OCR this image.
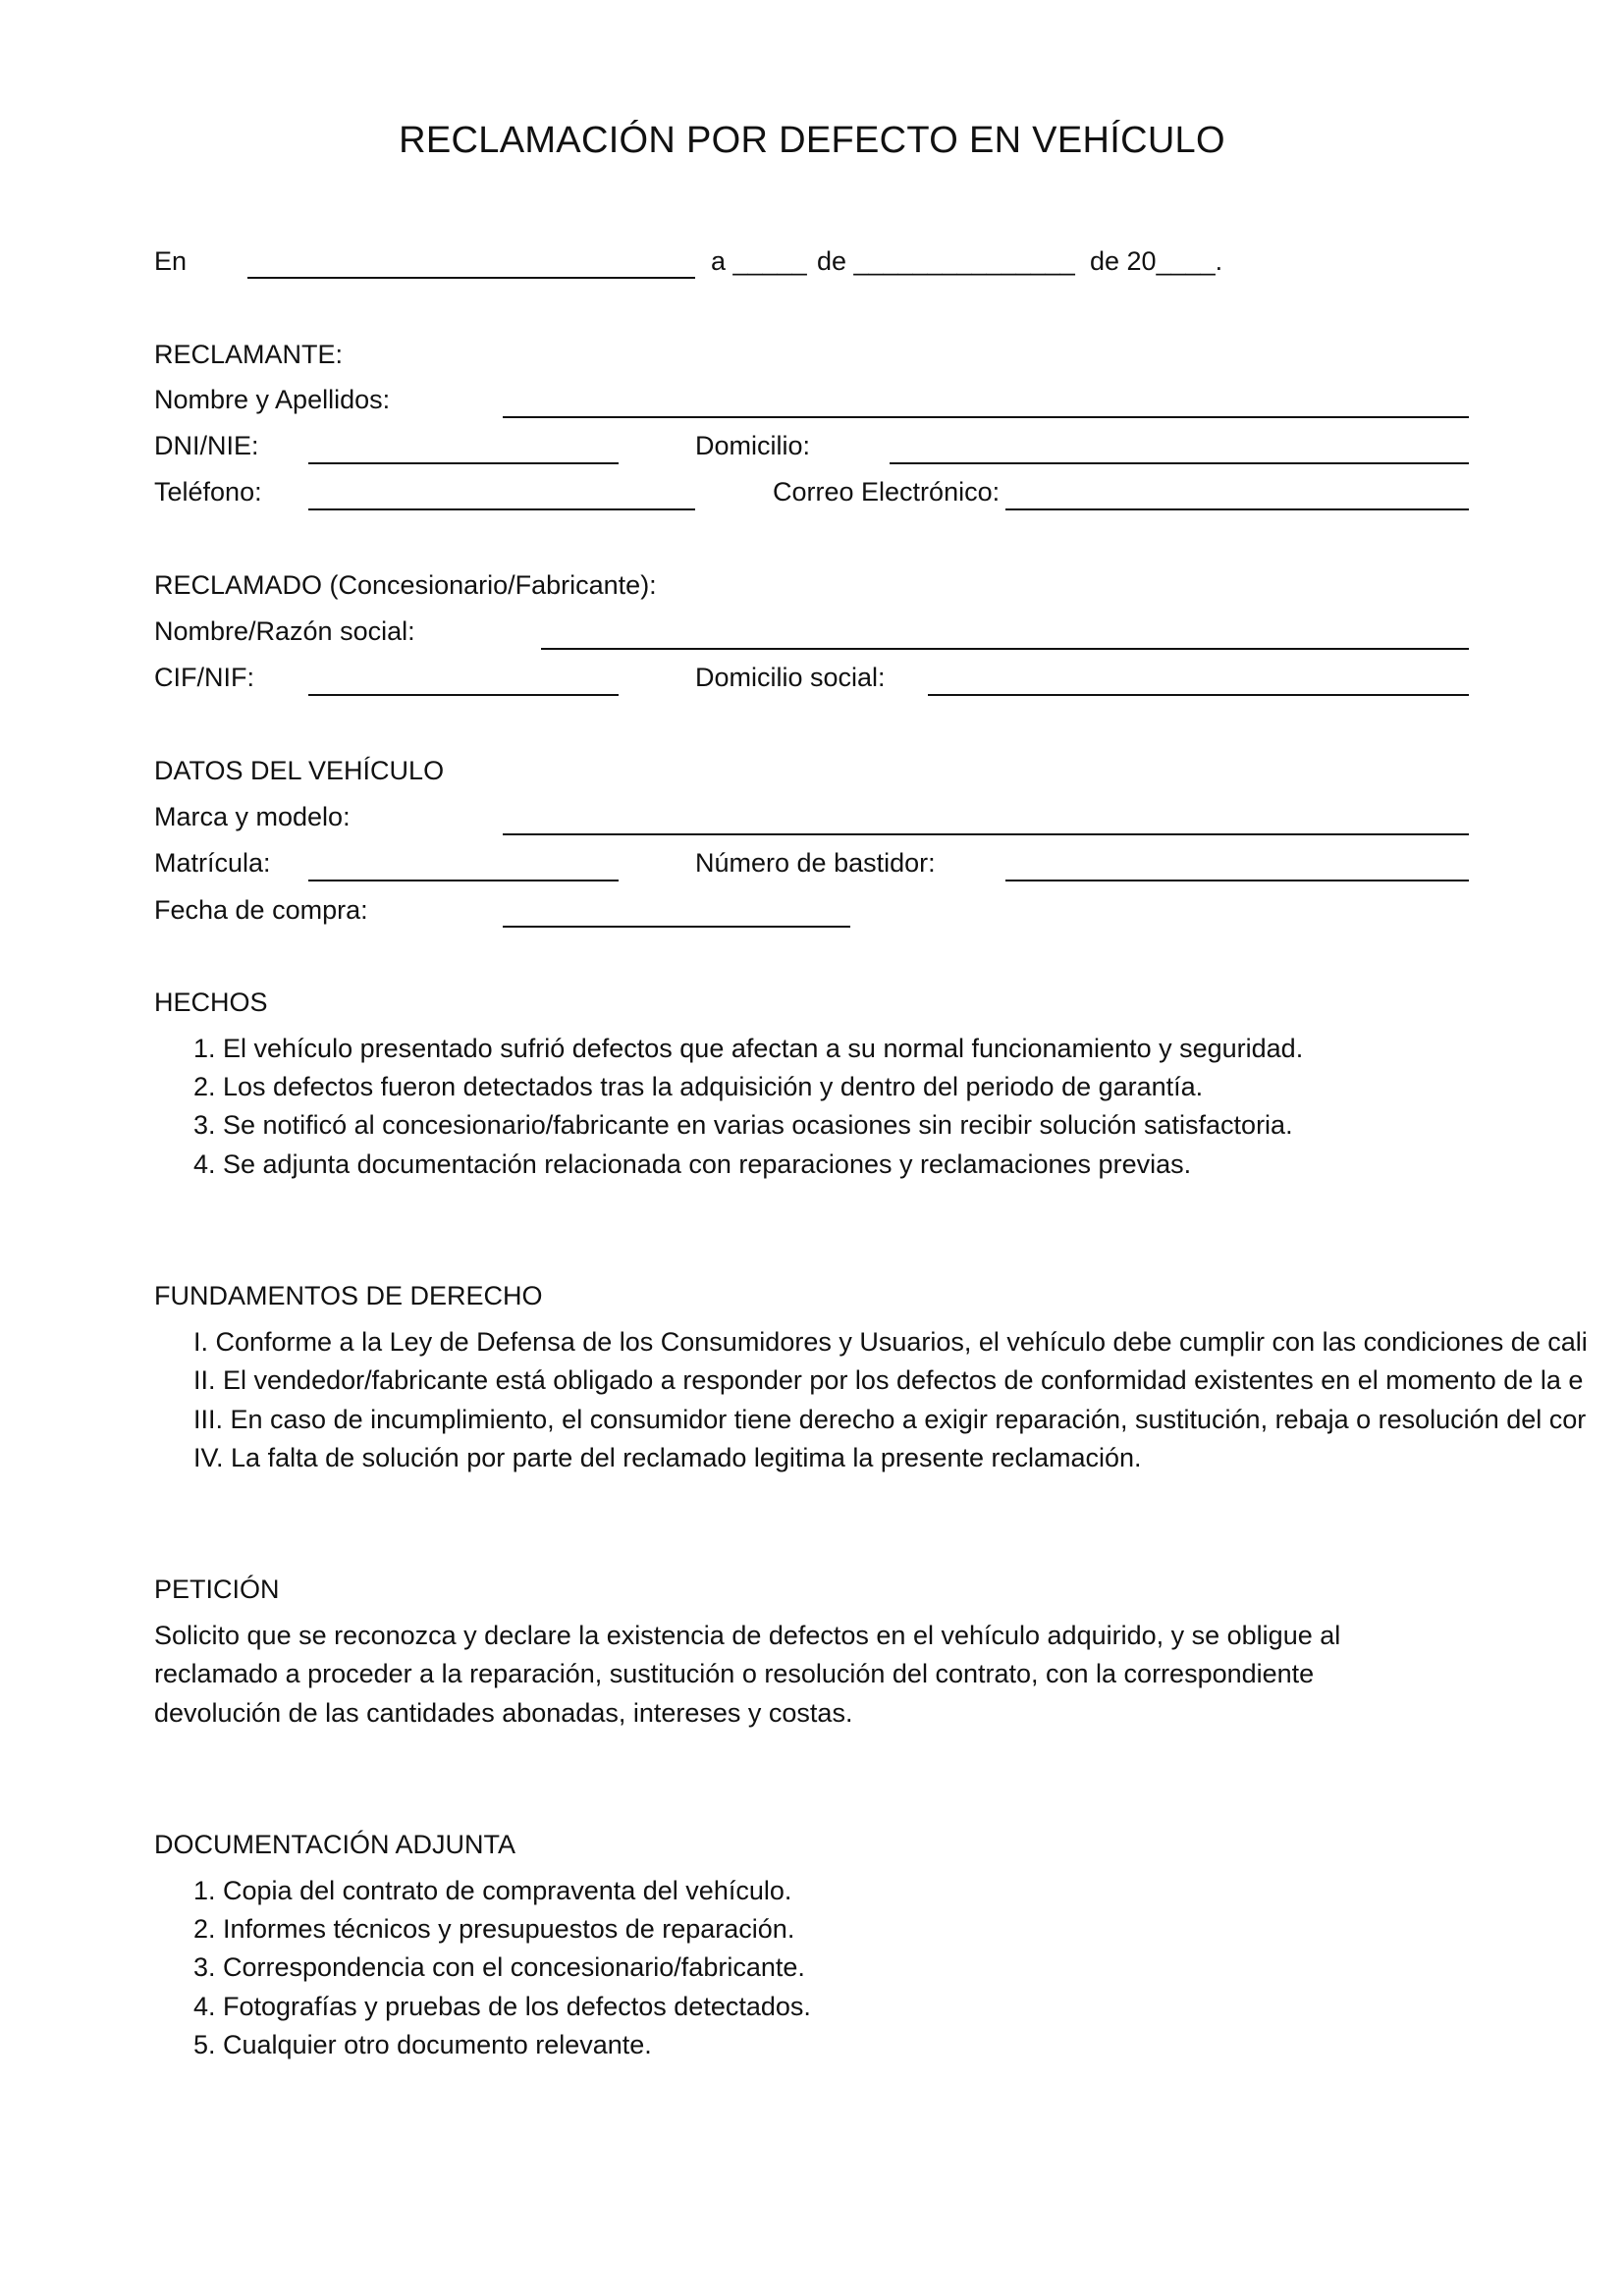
RECLAMACIÓN POR DEFECTO EN VEHÍCULO
En	a _____ de _______________ de 20____.
RECLAMANTE:
Nombre y Apellidos:
DNI/NIE:	Domicilio:
Teléfono:	Correo Electrónico:
RECLAMADO (Concesionario/Fabricante):
Nombre/Razón social:
CIF/NIF:	Domicilio social:
DATOS DEL VEHÍCULO
Marca y modelo:
Matrícula:	Número de bastidor:
Fecha de compra:
HECHOS
1. El vehículo presentado sufrió defectos que afectan a su normal funcionamiento y seguridad.
2. Los defectos fueron detectados tras la adquisición y dentro del periodo de garantía.
3. Se notificó al concesionario/fabricante en varias ocasiones sin recibir solución satisfactoria.
4. Se adjunta documentación relacionada con reparaciones y reclamaciones previas.
FUNDAMENTOS DE DERECHO
I. Conforme a la Ley de Defensa de los Consumidores y Usuarios, el vehículo debe cumplir con las condiciones de cali
II. El vendedor/fabricante está obligado a responder por los defectos de conformidad existentes en el momento de la e
III. En caso de incumplimiento, el consumidor tiene derecho a exigir reparación, sustitución, rebaja o resolución del cor
IV. La falta de solución por parte del reclamado legitima la presente reclamación.
PETICIÓN
Solicito que se reconozca y declare la existencia de defectos en el vehículo adquirido, y se obligue al
reclamado a proceder a la reparación, sustitución o resolución del contrato, con la correspondiente
devolución de las cantidades abonadas, intereses y costas.
DOCUMENTACIÓN ADJUNTA
1. Copia del contrato de compraventa del vehículo.
2. Informes técnicos y presupuestos de reparación.
3. Correspondencia con el concesionario/fabricante.
4. Fotografías y pruebas de los defectos detectados.
5. Cualquier otro documento relevante.
